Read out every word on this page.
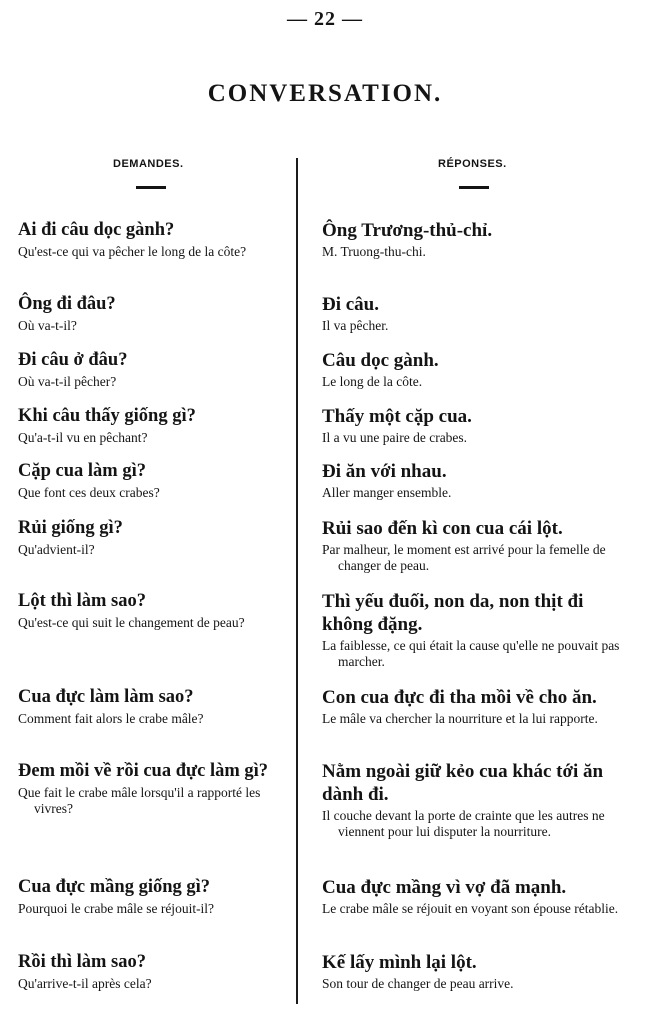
— 22 —
CONVERSATION.
DEMANDES.	RÉPONSES.

Ai đi câu dọc gành?

Qu'est-ce qui va pêcher le long de la côte?

Ông đi đâu?

Où va-t-il?

Đi câu ở đâu?

Où va-t-il pêcher?

Khi câu thấy giống gì?

Qu'a-t-il vu en pêchant?

Cặp cua làm gì?

Que font ces deux crabes?

Rủi giống gì?

Qu'advient-il?

Lột thì làm sao?

Qu'est-ce qui suit le changement de peau?

Cua đực làm làm sao?

Comment fait alors le crabe mâle?

Đem mồi về rồi cua đực làm gì?

Que fait le crabe mâle lorsqu'il a rapporté les vivres?

Cua đực mầng giống gì?

Pourquoi le crabe mâle se réjouit-il?

Rồi thì làm sao?

Qu'arrive-t-il après cela?

Ông Trương-thủ-chỉ.

M. Truong-thu-chi.

Đi câu.

Il va pêcher.

Câu dọc gành.

Le long de la côte.

Thấy một cặp cua.

Il a vu une paire de crabes.

Đi ăn với nhau.

Aller manger ensemble.

Rủi sao đến kì con cua cái lột.

Par malheur, le moment est arrivé pour la femelle de changer de peau.

Thì yếu đuối, non da, non thịt đi không đặng.

La faiblesse, ce qui était la cause qu'elle ne pouvait pas marcher.

Con cua đực đi tha mồi về cho ăn.

Le mâle va chercher la nourriture et la lui rapporte.

Nằm ngoài giữ kẻo cua khác tới ăn dành đi.

Il couche devant la porte de crainte que les autres ne viennent pour lui disputer la nourriture.

Cua đực mầng vì vợ đã mạnh.

Le crabe mâle se réjouit en voyant son épouse rétablie.

Kế lấy mình lại lột.

Son tour de changer de peau arrive.
